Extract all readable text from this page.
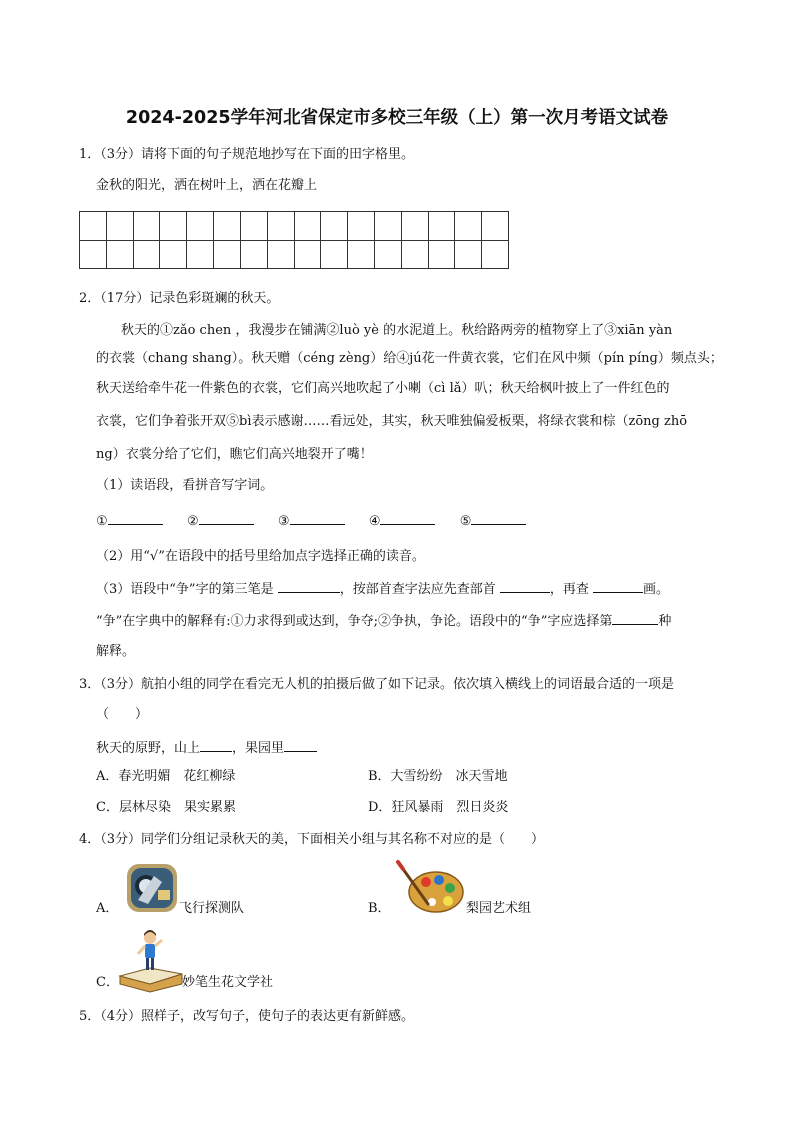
2024-2025学年河北省保定市多校三年级（上）第一次月考语文试卷
1．（3分）请将下面的句子规范地抄写在下面的田字格里。
金秋的阳光，洒在树叶上，洒在花瓣上

2．（17分）记录色彩斑斓的秋天。
秋天的①zǎo chen ，我漫步在铺满②luò yè 的水泥道上。秋给路两旁的植物穿上了③xiān yàn
的衣裳（chang shang）。秋天赠（céng zèng）给④jú花一件黄衣裳，它们在风中频（pín pínɡ）频点头；
秋天送给牵牛花一件紫色的衣裳，它们高兴地吹起了小喇（cì lǎ）叭；秋天给枫叶披上了一件红色的
衣裳，它们争着张开双⑤bì表示感谢……看远处，其实，秋天唯独偏爱板栗，将绿衣裳和棕（zōng zhō
ng）衣裳分给了它们，瞧它们高兴地裂开了嘴！
（1）读语段，看拼音写字词。
①	②	③	④	⑤
（2）用“√”在语段中的括号里给加点字选择正确的读音。
（3）语段中“争”字的第三笔是	，按部首查字法应先查部首	，再查	画。
“争”在字典中的解释有:①力求得到或达到，争夺;②争执，争论。语段中的“争”字应选择第	种
解释。
3．（3分）航拍小组的同学在看完无人机的拍摄后做了如下记录。依次填入横线上的词语最合适的一项是
（　　）
秋天的原野，山上 ，果园里
A．春光明媚　花红柳绿	B．大雪纷纷　冰天雪地
C．层林尽染　果实累累	D．狂风暴雨　烈日炎炎
4．（3分）同学们分组记录秋天的美，下面相关小组与其名称不对应的是（　　）
A．	飞行探测队	B．	梨园艺术组
C．	妙笔生花文学社
5．（4分）照样子，改写句子，使句子的表达更有新鲜感。
